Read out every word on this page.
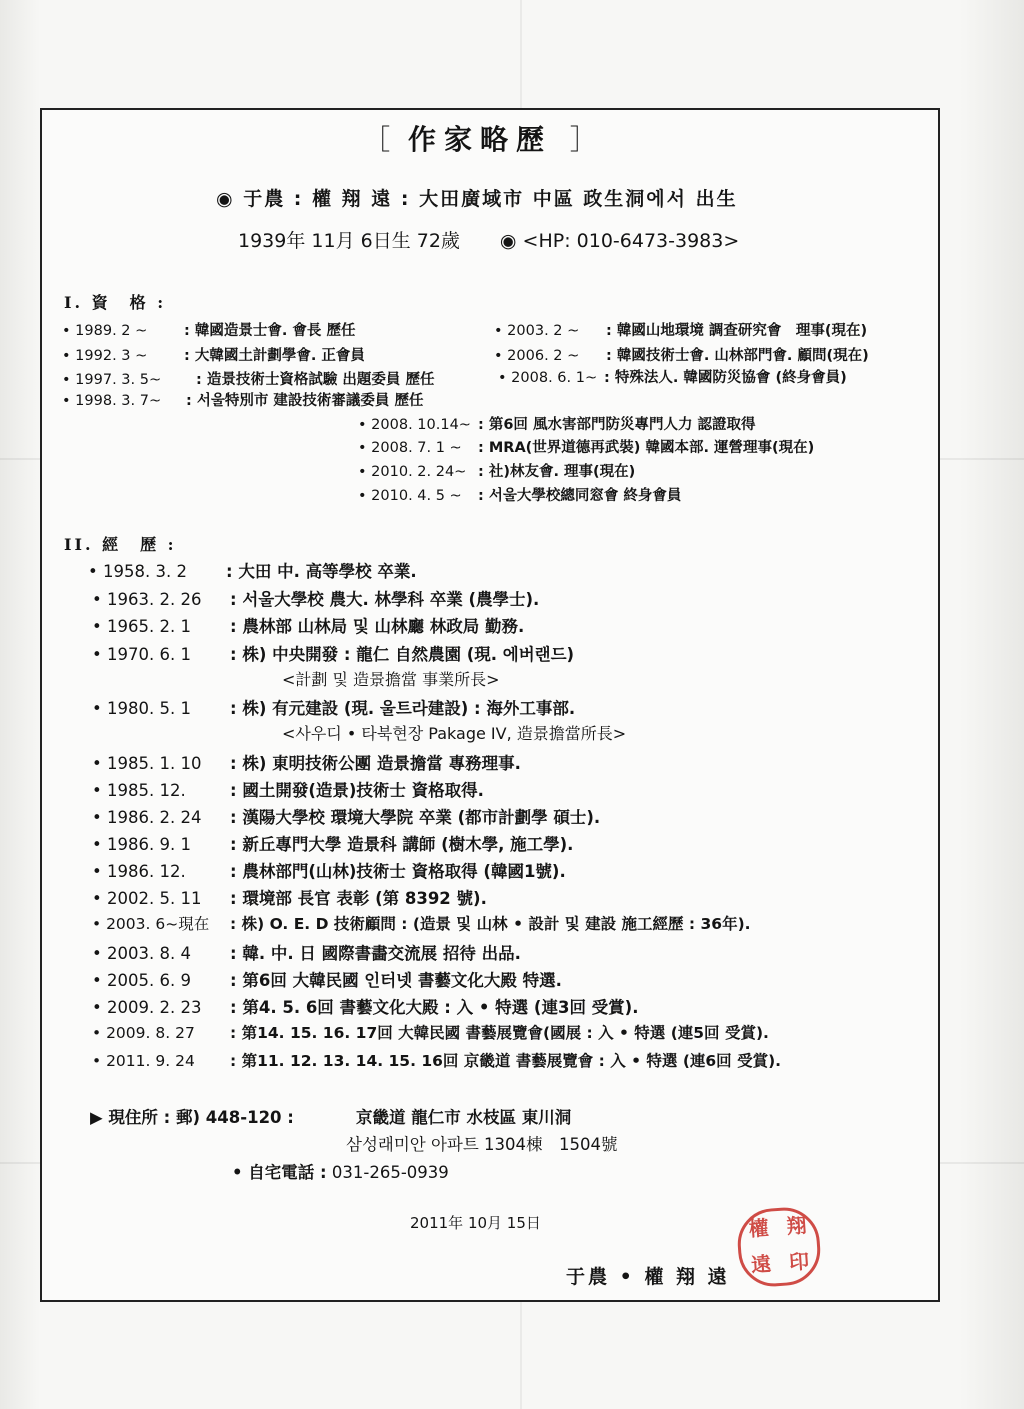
［ 作家略歷 ］
◉ 于農 : 權 翔 遠 : 大田廣域市 中區 政生洞에서 出生
1939年 11月 6日生 72歲 ◉ <HP: 010-6473-3983>
I. 資　格 :
• 1989. 2 ~	: 韓國造景士會. 會長 歷任
• 1992. 3 ~	: 大韓國土計劃學會. 正會員
• 1997. 3. 5~ : 造景技術士資格試驗 出題委員 歷任
• 1998. 3. 7~ : 서울特別市 建設技術審議委員 歷任
• 2003. 2 ~ : 韓國山地環境 調査研究會　理事(現在)
• 2006. 2 ~ : 韓國技術士會. 山林部門會. 顧問(現在)
• 2008. 6. 1~ : 特殊法人. 韓國防災協會 (終身會員)
• 2008. 10.14~ : 第6回 風水害部門防災專門人力 認證取得
• 2008. 7. 1 ~ : MRA(世界道德再武裝) 韓國本部. 運營理事(現在)
• 2010. 2. 24~ : 社)林友會. 理事(現在)
• 2010. 4. 5 ~ : 서울大學校總同窓會 終身會員
II. 經　歷 :
• 1958. 3. 2 : 大田 中. 高等學校 卒業.
• 1963. 2. 26 : 서울大學校 農大. 林學科 卒業 (農學士).
• 1965. 2. 1 : 農林部 山林局 및 山林廳 林政局 勤務.
• 1970. 6. 1 : 株) 中央開發 : 龍仁 自然農園 (現. 에버랜드)
<計劃 및 造景擔當 事業所長>
• 1980. 5. 1 : 株) 有元建設 (現. 울트라建設) : 海外工事部.
<사우디 • 타북현장 Pakage IV, 造景擔當所長>
• 1985. 1. 10 : 株) 東明技術公團 造景擔當 專務理事.
• 1985. 12.	: 國土開發(造景)技術士 資格取得.
• 1986. 2. 24 : 漢陽大學校 環境大學院 卒業 (都市計劃學 碩士).
• 1986. 9. 1 : 新丘專門大學 造景科 講師 (樹木學, 施工學).
• 1986. 12.	: 農林部門(山林)技術士 資格取得 (韓國1號).
• 2002. 5. 11 : 環境部 長官 表彰 (第 8392 號).
• 2003. 6~現在 : 株) O. E. D 技術顧問 : (造景 및 山林 • 設計 및 建設 施工經歷 : 36年).
• 2003. 8. 4 : 韓. 中. 日 國際書畵交流展 招待 出品.
• 2005. 6. 9 : 第6回 大韓民國 인터넷 書藝文化大殿 特選.
• 2009. 2. 23 : 第4. 5. 6回 書藝文化大殿 : 入 • 特選 (連3回 受賞).
• 2009. 8. 27 : 第14. 15. 16. 17回 大韓民國 書藝展覽會(國展 : 入 • 特選 (連5回 受賞).
• 2011. 9. 24 : 第11. 12. 13. 14. 15. 16回 京畿道 書藝展覽會 : 入 • 特選 (連6回 受賞).
▶ 現住所 : 郵) 448-120 :	京畿道 龍仁市 水枝區 東川洞
삼성래미안 아파트 1304棟　1504號
• 自宅電話 : 031-265-0939
2011年 10月 15日
于農 • 權 翔 遠
權 翔
遠 印
